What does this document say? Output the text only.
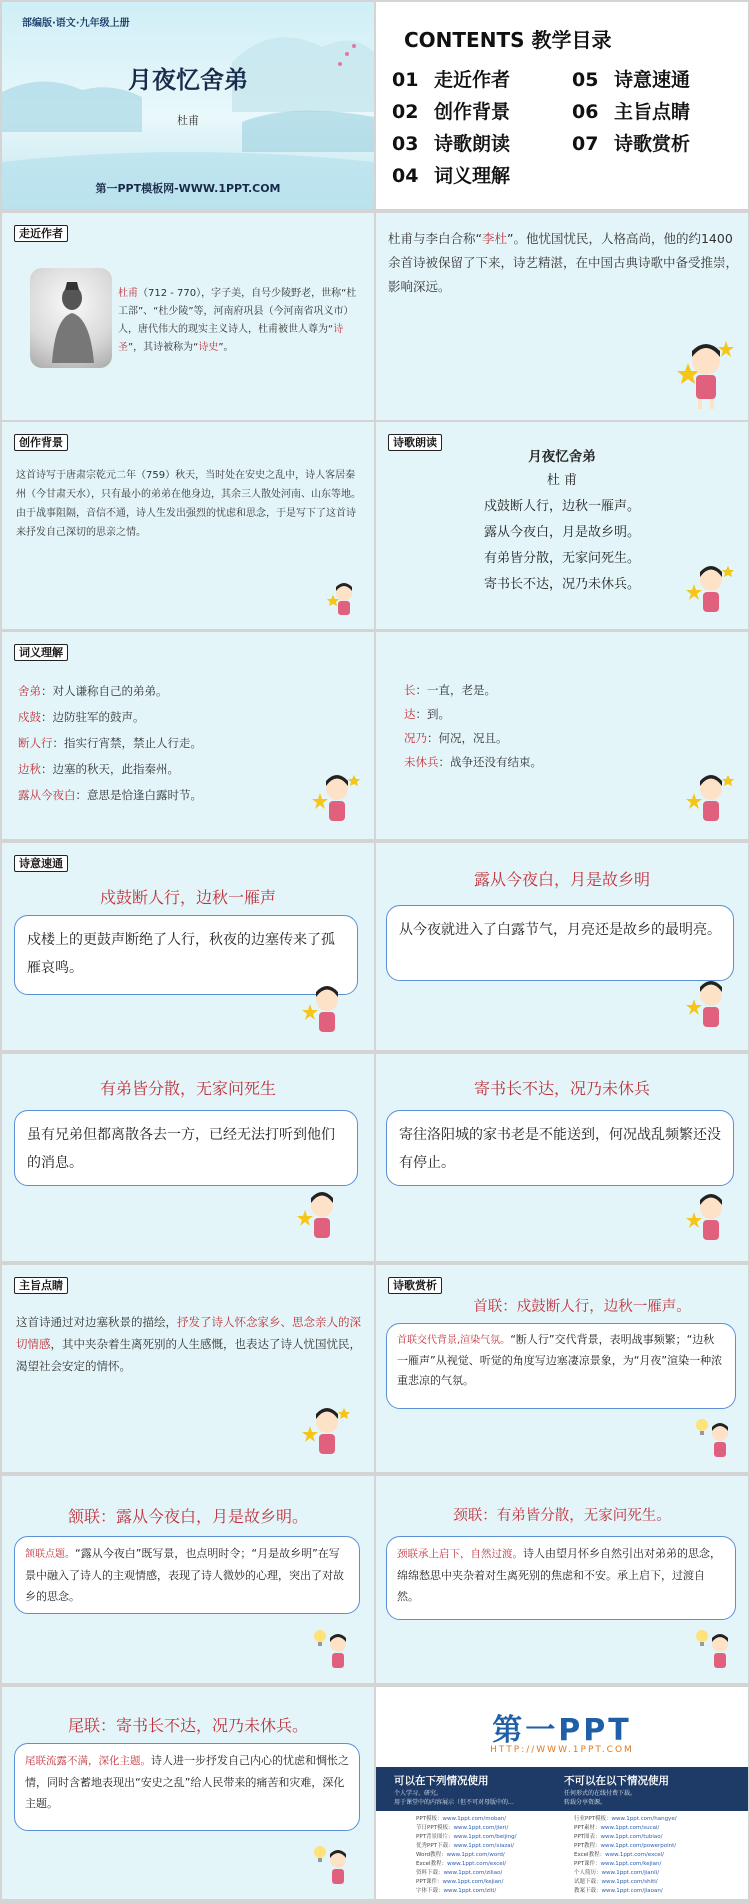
部编版·语文·九年级上册
月夜忆舍弟
杜甫
第一PPT模板网-WWW.1PPT.COM
CONTENTS 教学目录
01 走近作者
02 创作背景
03 诗歌朗读
04 词义理解
05 诗意速通
06 主旨点睛
07 诗歌赏析
走近作者
杜甫（712 - 770），字子美，自号少陵野老，世称“杜工部”、“杜少陵”等，河南府巩县（今河南省巩义市）人，唐代伟大的现实主义诗人，杜甫被世人尊为“诗圣”，其诗被称为“诗史”。
杜甫与李白合称“李杜”。他忧国忧民，人格高尚，他的约1400余首诗被保留了下来，诗艺精湛，在中国古典诗歌中备受推崇，影响深远。
创作背景
这首诗写于唐肃宗乾元二年（759）秋天，当时处在安史之乱中，诗人客居秦州（今甘肃天水），只有最小的弟弟在他身边，其余三人散处河南、山东等地。由于战事阻隔，音信不通，诗人生发出强烈的忧虑和思念，于是写下了这首诗来抒发自己深切的思亲之情。
诗歌朗读
月夜忆舍弟
杜 甫
戍鼓断人行，边秋一雁声。
露从今夜白，月是故乡明。
有弟皆分散，无家问死生。
寄书长不达，况乃未休兵。
词义理解
舍弟：对人谦称自己的弟弟。
戍鼓：边防驻军的鼓声。
断人行：指实行宵禁，禁止人行走。
边秋：边塞的秋天，此指秦州。
露从今夜白：意思是恰逢白露时节。
长：一直，老是。
达：到。
况乃：何况，况且。
未休兵：战争还没有结束。
诗意速通
戍鼓断人行，边秋一雁声
戍楼上的更鼓声断绝了人行，秋夜的边塞传来了孤雁哀鸣。
露从今夜白，月是故乡明
从今夜就进入了白露节气，月亮还是故乡的最明亮。
有弟皆分散，无家问死生
虽有兄弟但都离散各去一方，已经无法打听到他们的消息。
寄书长不达，况乃未休兵
寄往洛阳城的家书老是不能送到，何况战乱频繁还没有停止。
主旨点睛
这首诗通过对边塞秋景的描绘，抒发了诗人怀念家乡、思念亲人的深切情感，其中夹杂着生离死别的人生感慨，也表达了诗人忧国忧民，渴望社会安定的情怀。
诗歌赏析
首联：戍鼓断人行，边秋一雁声。
首联交代背景,渲染气氛。“断人行”交代背景，表明战事频繁；“边秋一雁声”从视觉、听觉的角度写边塞凄凉景象，为“月夜”渲染一种浓重悲凉的气氛。
颔联：露从今夜白，月是故乡明。
颔联点题。“露从今夜白”既写景，也点明时令；“月是故乡明”在写景中融入了诗人的主观情感，表现了诗人微妙的心理，突出了对故乡的思念。
颈联：有弟皆分散，无家问死生。
颈联承上启下，自然过渡。诗人由望月怀乡自然引出对弟弟的思念，绵绵愁思中夹杂着对生离死别的焦虑和不安。承上启下，过渡自然。
尾联：寄书长不达，况乃未休兵。
尾联流露不满，深化主题。诗人进一步抒发自己内心的忧虑和惆怅之情，同时含蓄地表现出“安史之乱”给人民带来的痛苦和灾难，深化主题。
第一PPT
HTTP://WWW.1PPT.COM
可以在下列情况使用	不可以在以下情况使用
个人学习、研究。
用于课堂中的内容展示（但不可对母版中的...
任何形式的在线付费下载。
转载分享资源。
PPT模板：www.1ppt.com/moban/
节日PPT模板：www.1ppt.com/jieri/
PPT背景图片：www.1ppt.com/beijing/
优秀PPT下载：www.1ppt.com/xiazai/
Word教程：www.1ppt.com/word/
Excel教程：www.1ppt.com/excel/
资料下载：www.1ppt.com/ziliao/
PPT课件：www.1ppt.com/kejian/
字体下载：www.1ppt.com/ziti/
行业PPT模板：www.1ppt.com/hangye/
PPT素材：www.1ppt.com/sucai/
PPT图表：www.1ppt.com/tubiao/
PPT教程：www.1ppt.com/powerpoint/
Excel教程：www.1ppt.com/excel/
PPT课件：www.1ppt.com/kejian/
个人简历：www.1ppt.com/jianli/
试题下载：www.1ppt.com/shiti/
教案下载：www.1ppt.com/jiaoan/
